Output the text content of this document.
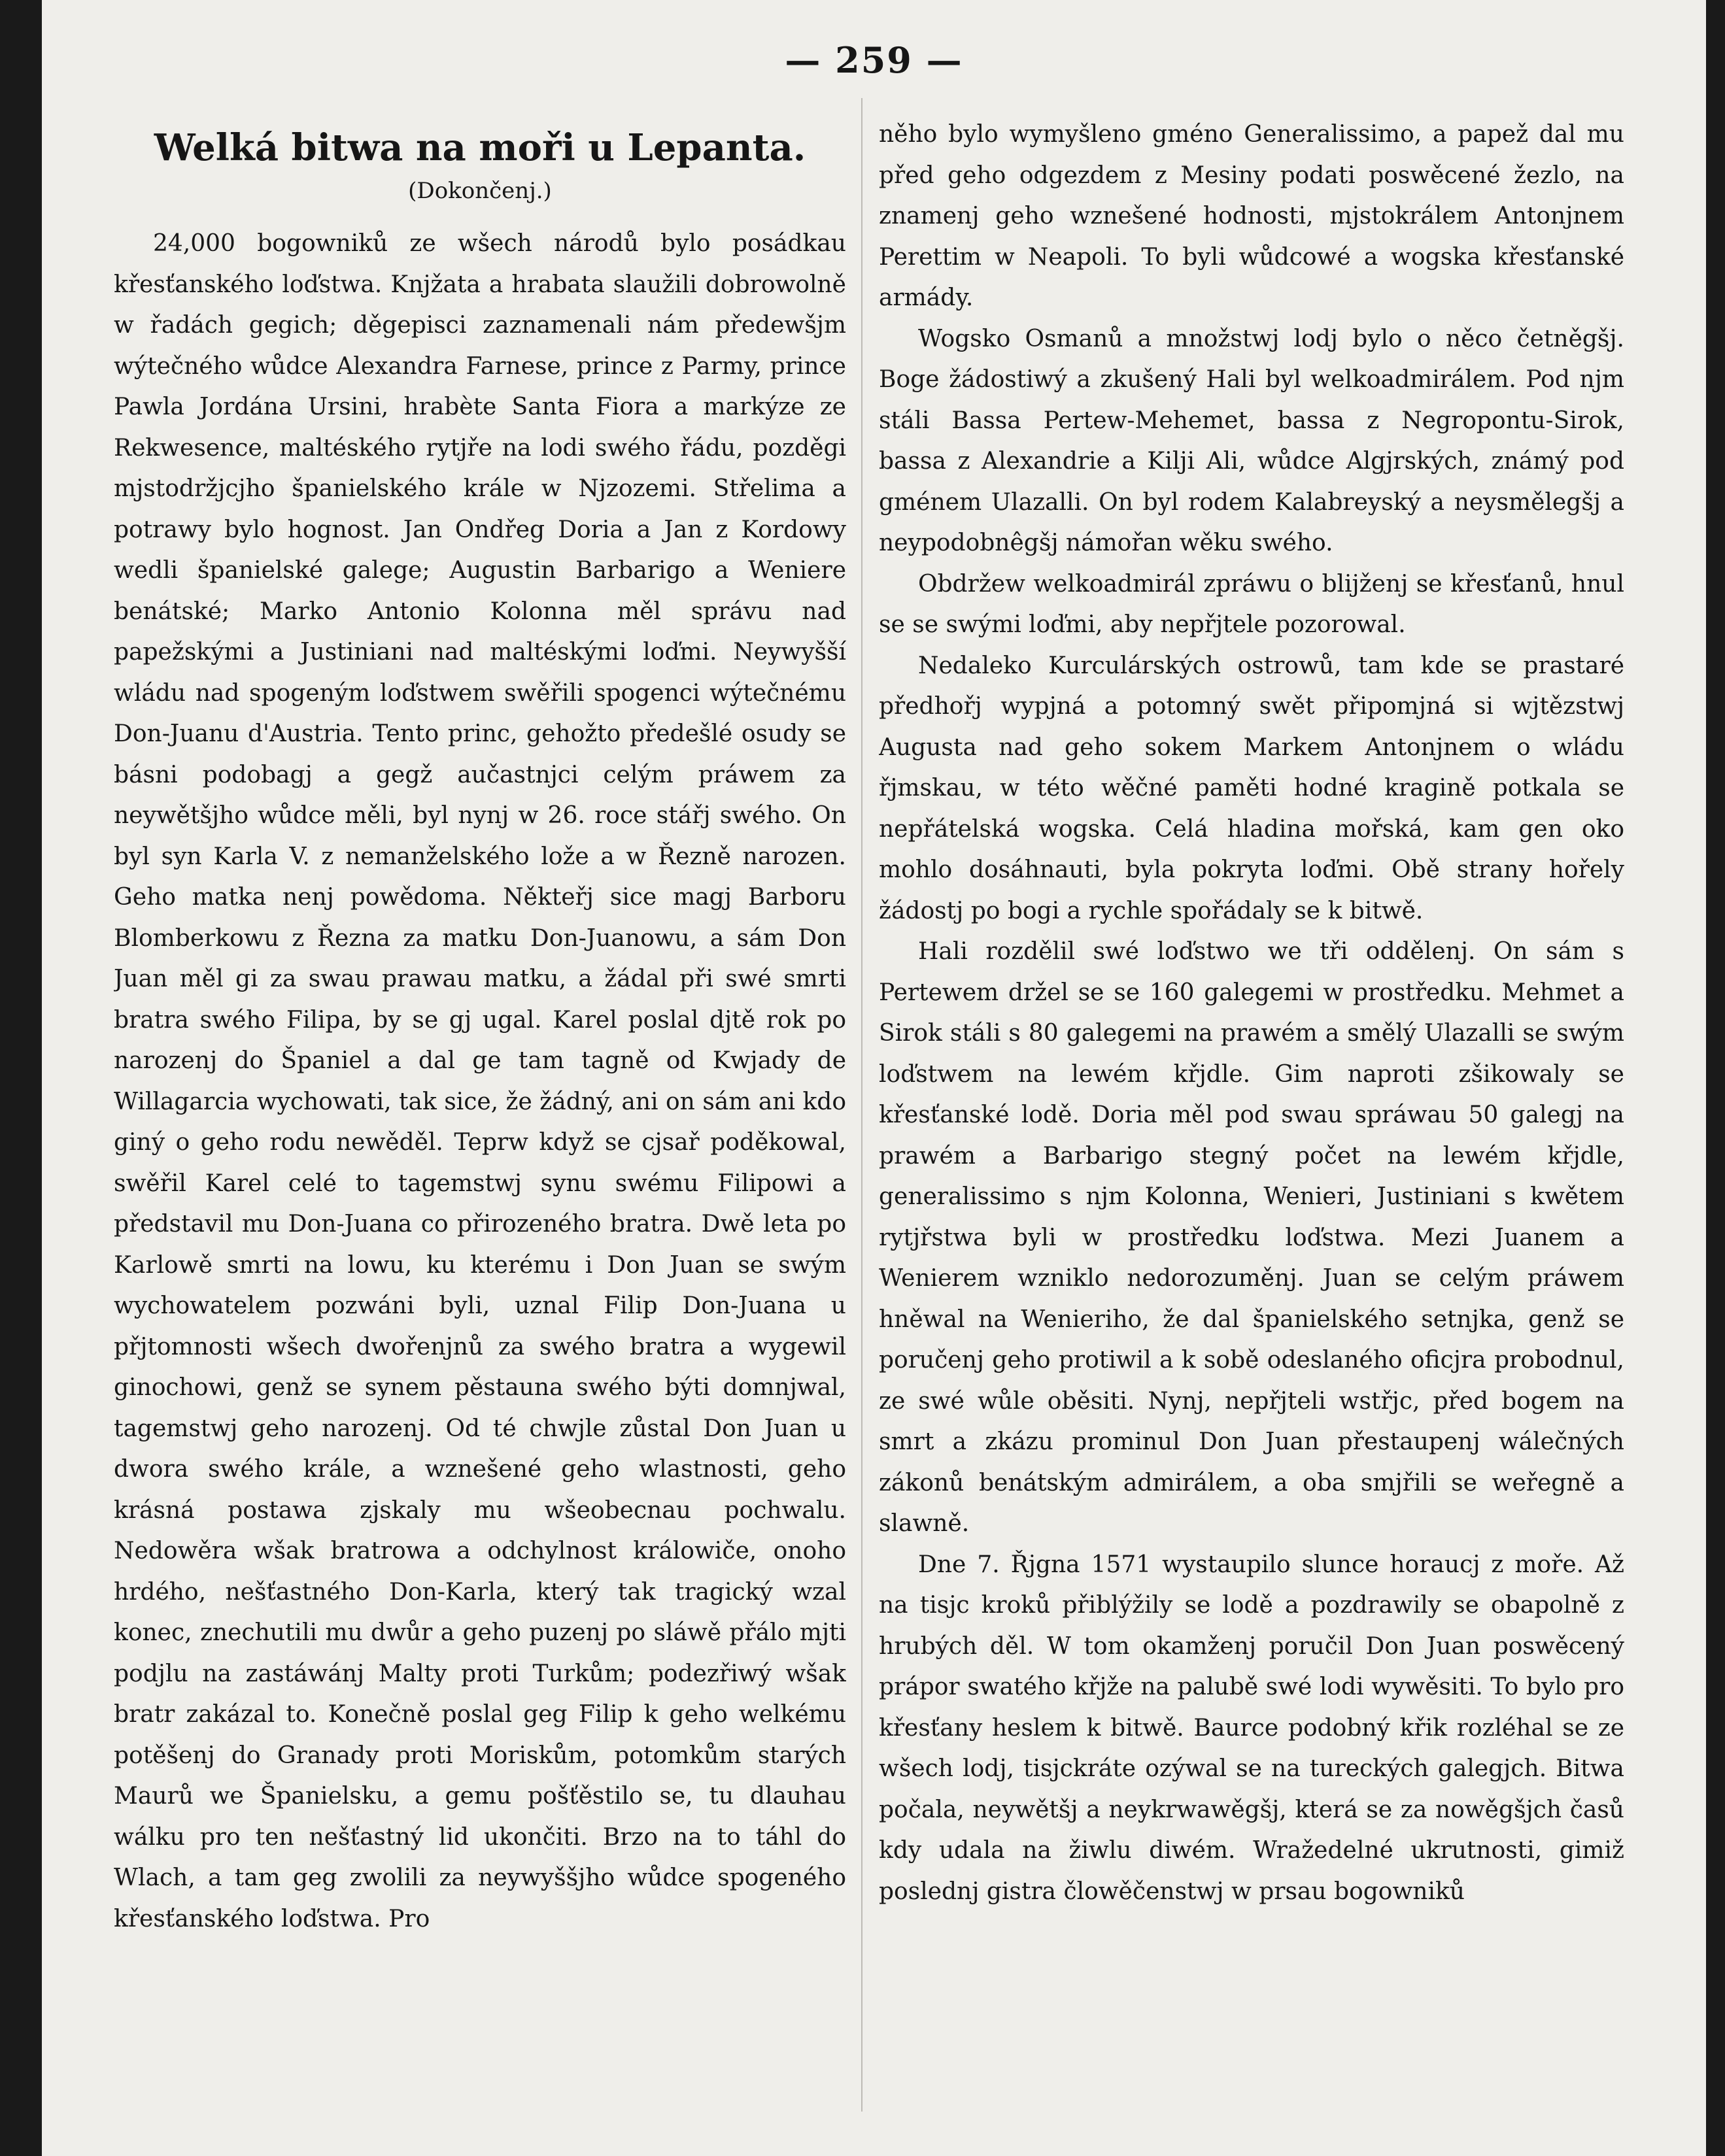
— 259 —
Welká bitwa na moři u Lepanta.
(Dokončenj.)

24,000 bogowniků ze wšech národů bylo posádkau křesťanského loďstwa. Knjžata a hrabata slaužili dobrowolně w řadách gegich; děgepisci zaznamenali nám předewšjm wýtečného wůdce Alexandra Farnese, prince z Parmy, prince Pawla Jordána Ursini, hrabète Santa Fiora a markýze ze Rekwesence, maltéského rytjře na lodi swého řádu, pozděgi mjstodržjcjho španielského krále w Njzozemi. Střelima a potrawy bylo hognost. Jan Ondřeg Doria a Jan z Kordowy wedli španielské galege; Augustin Barbarigo a Weniere benátské; Marko Antonio Kolonna měl správu nad papežskými a Justiniani nad maltéskými loďmi. Neywyšší wládu nad spogeným loďstwem swěřili spogenci wýtečnému Don-Juanu d'Austria. Tento princ, gehožto předešlé osudy se básni podobagj a gegž aučastnjci celým práwem za neywětšjho wůdce měli, byl nynj w 26. roce stářj swého. On byl syn Karla V. z nemanželského lože a w Řezně narozen. Geho matka nenj powědoma. Někteřj sice magj Barboru Blomberkowu z Řezna za matku Don-Juanowu, a sám Don Juan měl gi za swau prawau matku, a žádal při swé smrti bratra swého Filipa, by se gj ugal. Karel poslal djtě rok po narozenj do Španiel a dal ge tam tagně od Kwjady de Willagarcia wychowati, tak sice, že žádný, ani on sám ani kdo giný o geho rodu newěděl. Teprw když se cjsař poděkowal, swěřil Karel celé to tagemstwj synu swému Filipowi a představil mu Don-Juana co přirozeného bratra. Dwě leta po Karlowě smrti na lowu, ku kterému i Don Juan se swým wychowatelem pozwáni byli, uznal Filip Don-Juana u přjtomnosti wšech dwořenjnů za swého bratra a wygewil ginochowi, genž se synem pěstauna swého býti domnjwal, tagemstwj geho narozenj. Od té chwjle zůstal Don Juan u dwora swého krále, a wznešené geho wlastnosti, geho krásná postawa zjskaly mu wšeobecnau pochwalu. Nedowěra wšak bratrowa a odchylnost králowiče, onoho hrdého, nešťastného Don-Karla, který tak tragický wzal konec, znechutili mu dwůr a geho puzenj po sláwě přálo mjti podjlu na zastáwánj Malty proti Turkům; podezřiwý wšak bratr zakázal to. Konečně poslal geg Filip k geho welkému potěšenj do Granady proti Moriskům, potomkům starých Maurů we Španielsku, a gemu pošťěstilo se, tu dlauhau wálku pro ten nešťastný lid ukončiti. Brzo na to táhl do Wlach, a tam geg zwolili za neywyššjho wůdce spogeného křesťanského loďstwa. Pro

něho bylo wymyšleno gméno Generalissimo, a papež dal mu před geho odgezdem z Mesiny podati poswěcené žezlo, na znamenj geho wznešené hodnosti, mjstokrálem Antonjnem Perettim w Neapoli. To byli wůdcowé a wogska křesťanské armády.

Wogsko Osmanů a množstwj lodj bylo o něco četněgšj. Boge žádostiwý a zkušený Hali byl welkoadmirálem. Pod njm stáli Bassa Pertew-Mehemet, bassa z Negropontu-Sirok, bassa z Alexandrie a Kilji Ali, wůdce Algjrských, známý pod gménem Ulazalli. On byl rodem Kalabreyský a neysmělegšj a neypodobnêgšj námořan wěku swého.

Obdržew welkoadmirál zpráwu o blijženj se křesťanů, hnul se se swými loďmi, aby nepřjtele pozorowal.

Nedaleko Kurculárských ostrowů, tam kde se prastaré předhořj wypjná a potomný swět připomjná si wjtězstwj Augusta nad geho sokem Markem Antonjnem o wládu řjmskau, w této wěčné paměti hodné kragině potkala se nepřátelská wogska. Celá hladina mořská, kam gen oko mohlo dosáhnauti, byla pokryta loďmi. Obě strany hořely žádostj po bogi a rychle spořádaly se k bitwě.

Hali rozdělil swé loďstwo we tři oddělenj. On sám s Pertewem držel se se 160 galegemi w prostředku. Mehmet a Sirok stáli s 80 galegemi na prawém a smělý Ulazalli se swým loďstwem na lewém křjdle. Gim naproti zšikowaly se křesťanské lodě. Doria měl pod swau spráwau 50 galegj na prawém a Barbarigo stegný počet na lewém křjdle, generalissimo s njm Kolonna, Wenieri, Justiniani s kwětem rytjřstwa byli w prostředku loďstwa. Mezi Juanem a Wenierem wzniklo nedorozuměnj. Juan se celým práwem hněwal na Wenieriho, že dal španielského setnjka, genž se poručenj geho protiwil a k sobě odeslaného oficjra probodnul, ze swé wůle oběsiti. Nynj, nepřjteli wstřjc, před bogem na smrt a zkázu prominul Don Juan přestaupenj wálečných zákonů benátským admirálem, a oba smjřili se weřegně a slawně.

Dne 7. Řjgna 1571 wystaupilo slunce horaucj z moře. Až na tisjc kroků přiblýžily se lodě a pozdrawily se obapolně z hrubých děl. W tom okamženj poručil Don Juan poswěcený prápor swatého křjže na palubě swé lodi wywěsiti. To bylo pro křesťany heslem k bitwě. Baurce podobný křik rozléhal se ze wšech lodj, tisjckráte ozýwal se na tureckých galegjch. Bitwa počala, neywětšj a neykrwawěgšj, která se za nowěgšjch časů kdy udala na žiwlu diwém. Wražedelné ukrutnosti, gimiž poslednj gistra člowěčenstwj w prsau bogowniků
